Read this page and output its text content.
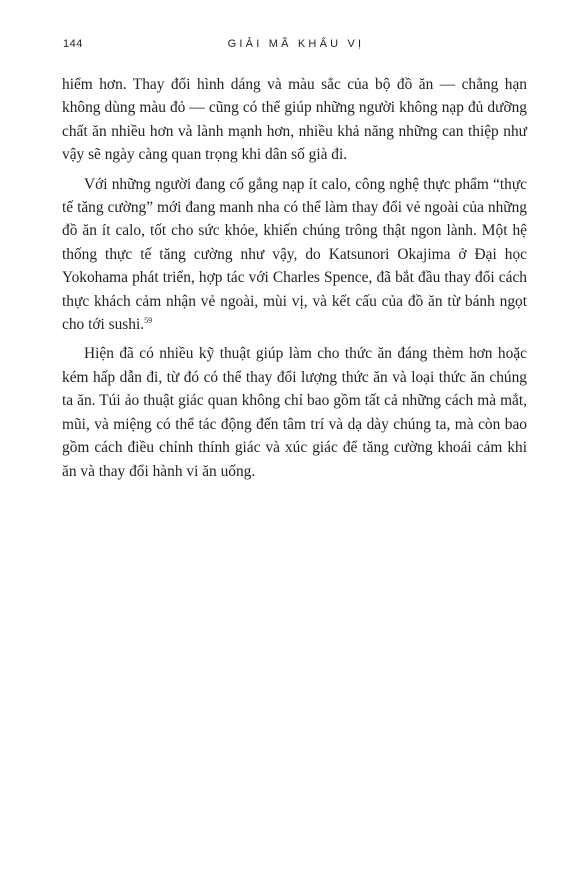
144	GIẢI MÃ KHẨU VỊ

hiểm hơn. Thay đổi hình dáng và màu sắc của bộ đồ ăn — chẳng hạn không dùng màu đỏ — cũng có thể giúp những người không nạp đủ dưỡng chất ăn nhiều hơn và lành mạnh hơn, nhiều khả năng những can thiệp như vậy sẽ ngày càng quan trọng khi dân số già đi.

Với những người đang cố gắng nạp ít calo, công nghệ thực phẩm “thực tế tăng cường” mới đang manh nha có thể làm thay đổi vẻ ngoài của những đồ ăn ít calo, tốt cho sức khỏe, khiến chúng trông thật ngon lành. Một hệ thống thực tế tăng cường như vậy, do Katsunori Okajima ở Đại học Yokohama phát triển, hợp tác với Charles Spence, đã bắt đầu thay đổi cách thực khách cảm nhận vẻ ngoài, mùi vị, và kết cấu của đồ ăn từ bánh ngọt cho tới sushi.$^{59}$

Hiện đã có nhiều kỹ thuật giúp làm cho thức ăn đáng thèm hơn hoặc kém hấp dẫn đi, từ đó có thể thay đổi lượng thức ăn và loại thức ăn chúng ta ăn. Túi ảo thuật giác quan không chỉ bao gồm tất cả những cách mà mắt, mũi, và miệng có thể tác động đến tâm trí và dạ dày chúng ta, mà còn bao gồm cách điều chỉnh thính giác và xúc giác để tăng cường khoái cảm khi ăn và thay đổi hành vi ăn uống.
